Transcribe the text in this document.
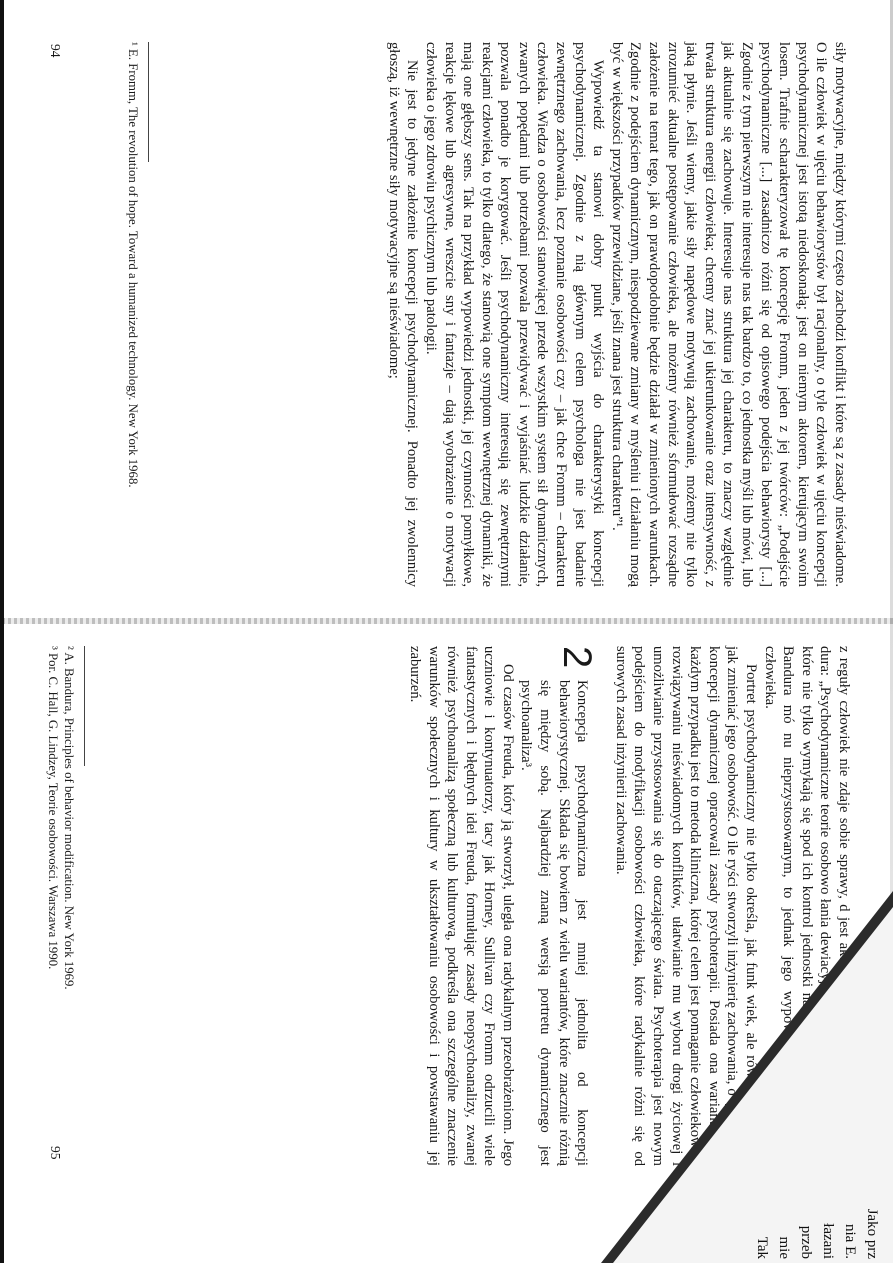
siły motywacyjne, między którymi często zachodzi konflikt i które są z zasady nieświadome. O ile człowiek w ujęciu behawiorystów był racjonalny, o tyle człowiek w ujęciu koncepcji psychodynamicznej jest istotą niedoskonałą; jest on niemym aktorem, kierującym swoim losem. Trafnie scharakteryzował tę koncepcję Fromm, jeden z jej twórców: „Podejście psychodynamiczne [...] zasadniczo różni się od opisowego podejścia behawiorysty [...] Zgodnie z tym pierwszym nie interesuje nas tak bardzo to, co jednostka myśli lub mówi, lub jak aktualnie się zachowuje. Interesuje nas struktura jej charakteru, to znaczy względnie trwała struktura energii człowieka; chcemy znać jej ukierunkowanie oraz intensywność, z jaką płynie. Jeśli wiemy, jakie siły napędowe motywują zachowanie, możemy nie tylko zrozumieć aktualne postępowanie człowieka, ale możemy również sformułować rozsądne założenie na temat tego, jak on prawdopodobnie będzie działał w zmienionych warunkach. Zgodnie z podejściem dynamicznym, niespodziewane zmiany w myśleniu i działaniu mogą być w większości przypadków przewidziane, jeśli znana jest struktura charakteru”¹.

Wypowiedź ta stanowi dobry punkt wyjścia do charakterystyki koncepcji psychodynamicznej. Zgodnie z nią głównym celem psychologa nie jest badanie zewnętrznego zachowania, lecz poznanie osobowości czy – jak chce Fromm – charakteru człowieka. Wiedza o osobowości stanowiącej przede wszystkim system sił dynamicznych, zwanych popędami lub potrzebami pozwala przewidywać i wyjaśniać ludzkie działanie, pozwala ponadto je korygować. Jeśli psychodynamiczny interesują się zewnętrznymi reakcjami człowieka, to tylko dlatego, że stanowią one symptom wewnętrznej dynamiki, że mają one głębszy sens. Tak na przykład wypowiedzi jednostki, jej czynności pomyłkowe, reakcje lękowe lub agresywne, wreszcie sny i fantazje – dają wyobrażenie o motywacji człowieka o jego zdrowiu psychicznym lub patologii.

Nie jest to jedyne założenie koncepcji psychodynamicznej. Ponadto jej zwolennicy głoszą, iż wewnętrzne siły motywacyjne są nieświadome;

¹ E. Fromm, The revolution of hope. Toward a humanized technology. New York 1968.

94

z reguły człowiek nie zdaje sobie sprawy, d jest aktorem, który nie zna przyczyn swe dura: „Psychodynamiczne teorie osobowo łania dewiacyjne ludzi są ukierunkowane prz które nie tylko wymykają się spod ich kontrol jednostki nawet nie wiedzą”². Chociaż Bandura mó nu nieprzystosowanym, to jednak jego wypowiedź od kich reakcji człowieka.

Portret psychodynamiczny nie tylko określa, jak funk wiek, ale również wskazuje, jak zmieniać jego osobowość. O ile ryści stworzyli inżynierię zachowania, o tyle twórcy koncepcji dynamicznej opracowali zasady psychoterapii. Posiada ona wariantów. W każdym przypadku jest to metoda kliniczna, której celem jest pomaganie człowiekowi w rozwiązywaniu nieświadomych konfliktów, ułatwianie mu wyboru drogi życiowej i umożliwianie przystosowania się do otaczającego świata. Psychoterapia jest nowym podejściem do modyfikacji osobowości człowieka, które radykalnie różni się od surowych zasad inżynierii zachowania.

2
Koncepcja psychodynamiczna jest mniej jednolita od koncepcji behawiorystycznej. Składa się bowiem z wielu wariantów, które znacznie różnią się między sobą. Najbardziej znaną wersją portretu dynamicznego jest psychoanaliza³.

Od czasów Freuda, który ją stworzył, uległa ona radykalnym przeobrażeniom. Jego uczniowie i kontynuatorzy, tacy jak Horney, Sullivan czy Fromm odrzucili wiele fantastycznych i błędnych idei Freuda, formułując zasady neopsychoanalizy, zwanej również psychoanalizą społeczną lub kulturową, podkreśla ona szczególne znaczenie warunków społecznych i kultury w ukształtowaniu osobowości i powstawaniu jej zaburzeń.

² A. Bandura, Principles of behavior modification. New York 1969.

³ Por. C. Hall, G. Lindzey, Teorie osobowości. Warszawa 1990.

95

Jako prz

nia E.

łazani

przeb

mie

Tak
